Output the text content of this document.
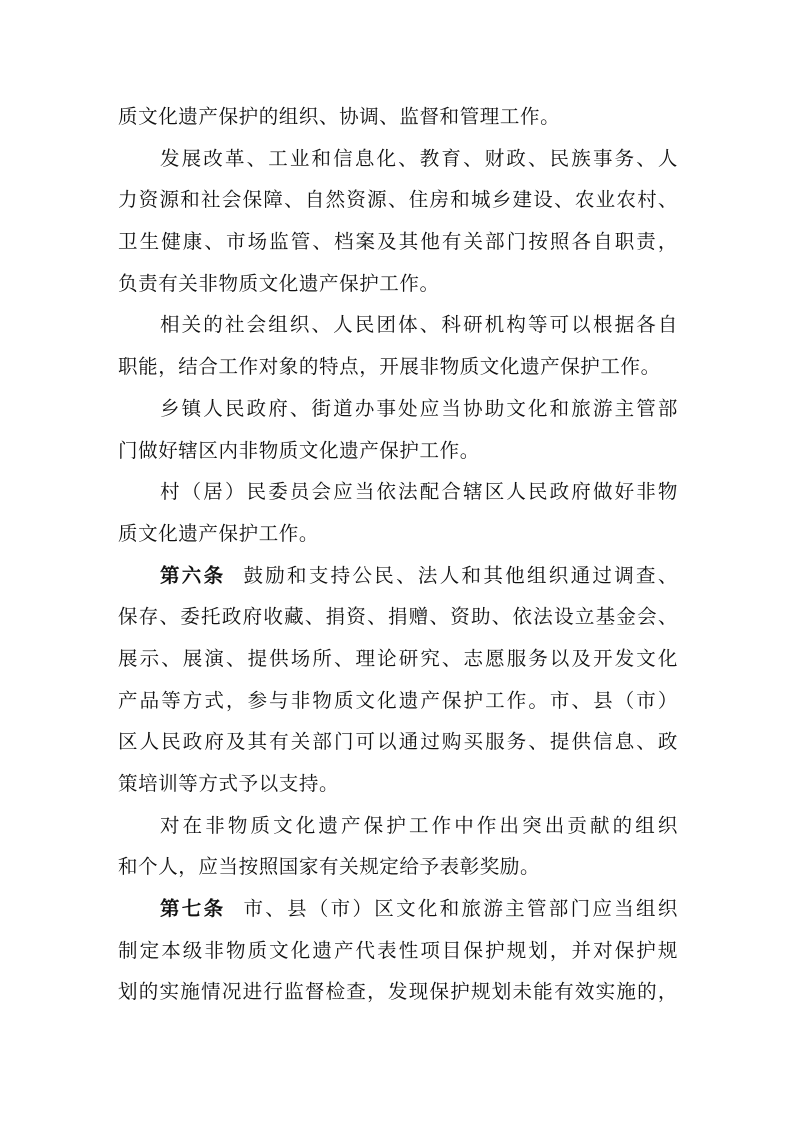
质文化遗产保护的组织、协调、监督和管理工作。
发展改革、工业和信息化、教育、财政、民族事务、人
力资源和社会保障、自然资源、住房和城乡建设、农业农村、
卫生健康、市场监管、档案及其他有关部门按照各自职责，
负责有关非物质文化遗产保护工作。
相关的社会组织、人民团体、科研机构等可以根据各自
职能，结合工作对象的特点，开展非物质文化遗产保护工作。
乡镇人民政府、街道办事处应当协助文化和旅游主管部
门做好辖区内非物质文化遗产保护工作。
村（居）民委员会应当依法配合辖区人民政府做好非物
质文化遗产保护工作。
第六条 鼓励和支持公民、法人和其他组织通过调查、
保存、委托政府收藏、捐资、捐赠、资助、依法设立基金会、
展示、展演、提供场所、理论研究、志愿服务以及开发文化
产品等方式，参与非物质文化遗产保护工作。市、县（市）
区人民政府及其有关部门可以通过购买服务、提供信息、政
策培训等方式予以支持。
对在非物质文化遗产保护工作中作出突出贡献的组织
和个人，应当按照国家有关规定给予表彰奖励。
第七条 市、县（市）区文化和旅游主管部门应当组织
制定本级非物质文化遗产代表性项目保护规划，并对保护规
划的实施情况进行监督检查，发现保护规划未能有效实施的，
